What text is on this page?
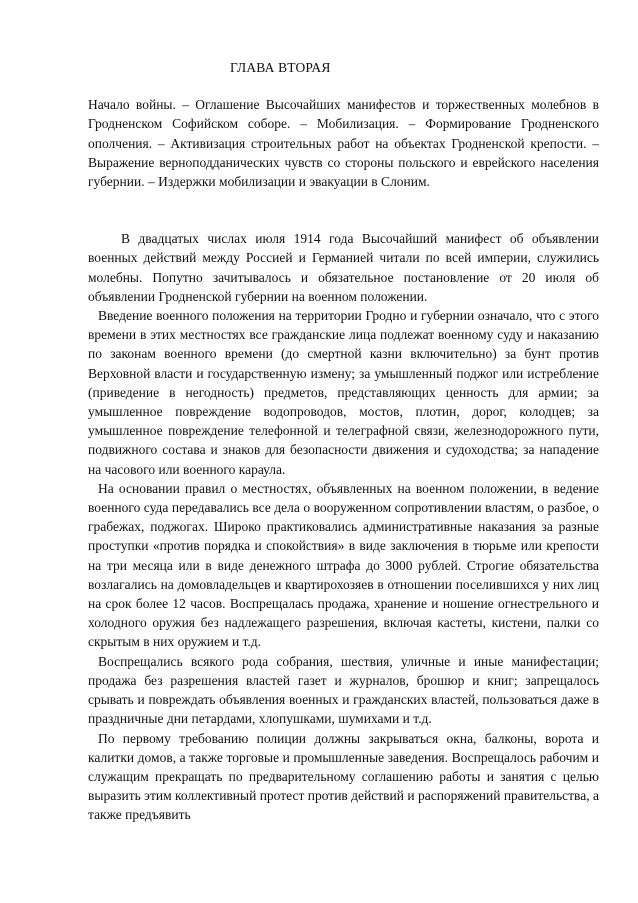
ГЛАВА ВТОРАЯ

Начало войны. – Оглашение Высочайших манифестов и торжественных молебнов в Гродненском Софийском соборе. – Мобилизация. – Формирование Гродненского ополчения. – Активизация строительных работ на объектах Гродненской крепости. – Выражение верноподданических чувств со стороны польского и еврейского населения губернии. – Издержки мобилизации и эвакуации в Слоним.

В двадцатых числах июля 1914 года Высочайший манифест об объявлении военных действий между Россией и Германией читали по всей империи, служились молебны. Попутно зачитывалось и обязательное постановление от 20 июля об объявлении Гродненской губернии на военном положении.

Введение военного положения на территории Гродно и губернии означало, что с этого времени в этих местностях все гражданские лица подлежат военному суду и наказанию по законам военного времени (до смертной казни включительно) за бунт против Верховной власти и государственную измену; за умышленный поджог или истребление (приведение в негодность) предметов, представляющих ценность для армии; за умышленное повреждение водопроводов, мостов, плотин, дорог, колодцев; за умышленное повреждение телефонной и телеграфной связи, железнодорожного пути, подвижного состава и знаков для безопасности движения и судоходства; за нападение на часового или военного караула.

На основании правил о местностях, объявленных на военном положении, в ведение военного суда передавались все дела о вооруженном сопротивлении властям, о разбое, о грабежах, поджогах. Широко практиковались административные наказания за разные проступки «против порядка и спокойствия» в виде заключения в тюрьме или крепости на три месяца или в виде денежного штрафа до 3000 рублей. Строгие обязательства возлагались на домовладельцев и квартирохозяев в отношении поселившихся у них лиц на срок более 12 часов. Воспрещалась продажа, хранение и ношение огнестрельного и холодного оружия без надлежащего разрешения, включая кастеты, кистени, палки со скрытым в них оружием и т.д.

Воспрещались всякого рода собрания, шествия, уличные и иные манифестации; продажа без разрешения властей газет и журналов, брошюр и книг; запрещалось срывать и повреждать объявления военных и гражданских властей, пользоваться даже в праздничные дни петардами, хлопушками, шумихами и т.д.

По первому требованию полиции должны закрываться окна, балконы, ворота и калитки домов, а также торговые и промышленные заведения. Воспрещалось рабочим и служащим прекращать по предварительному соглашению работы и занятия с целью выразить этим коллективный протест против действий и распоряжений правительства, а также предъявить
